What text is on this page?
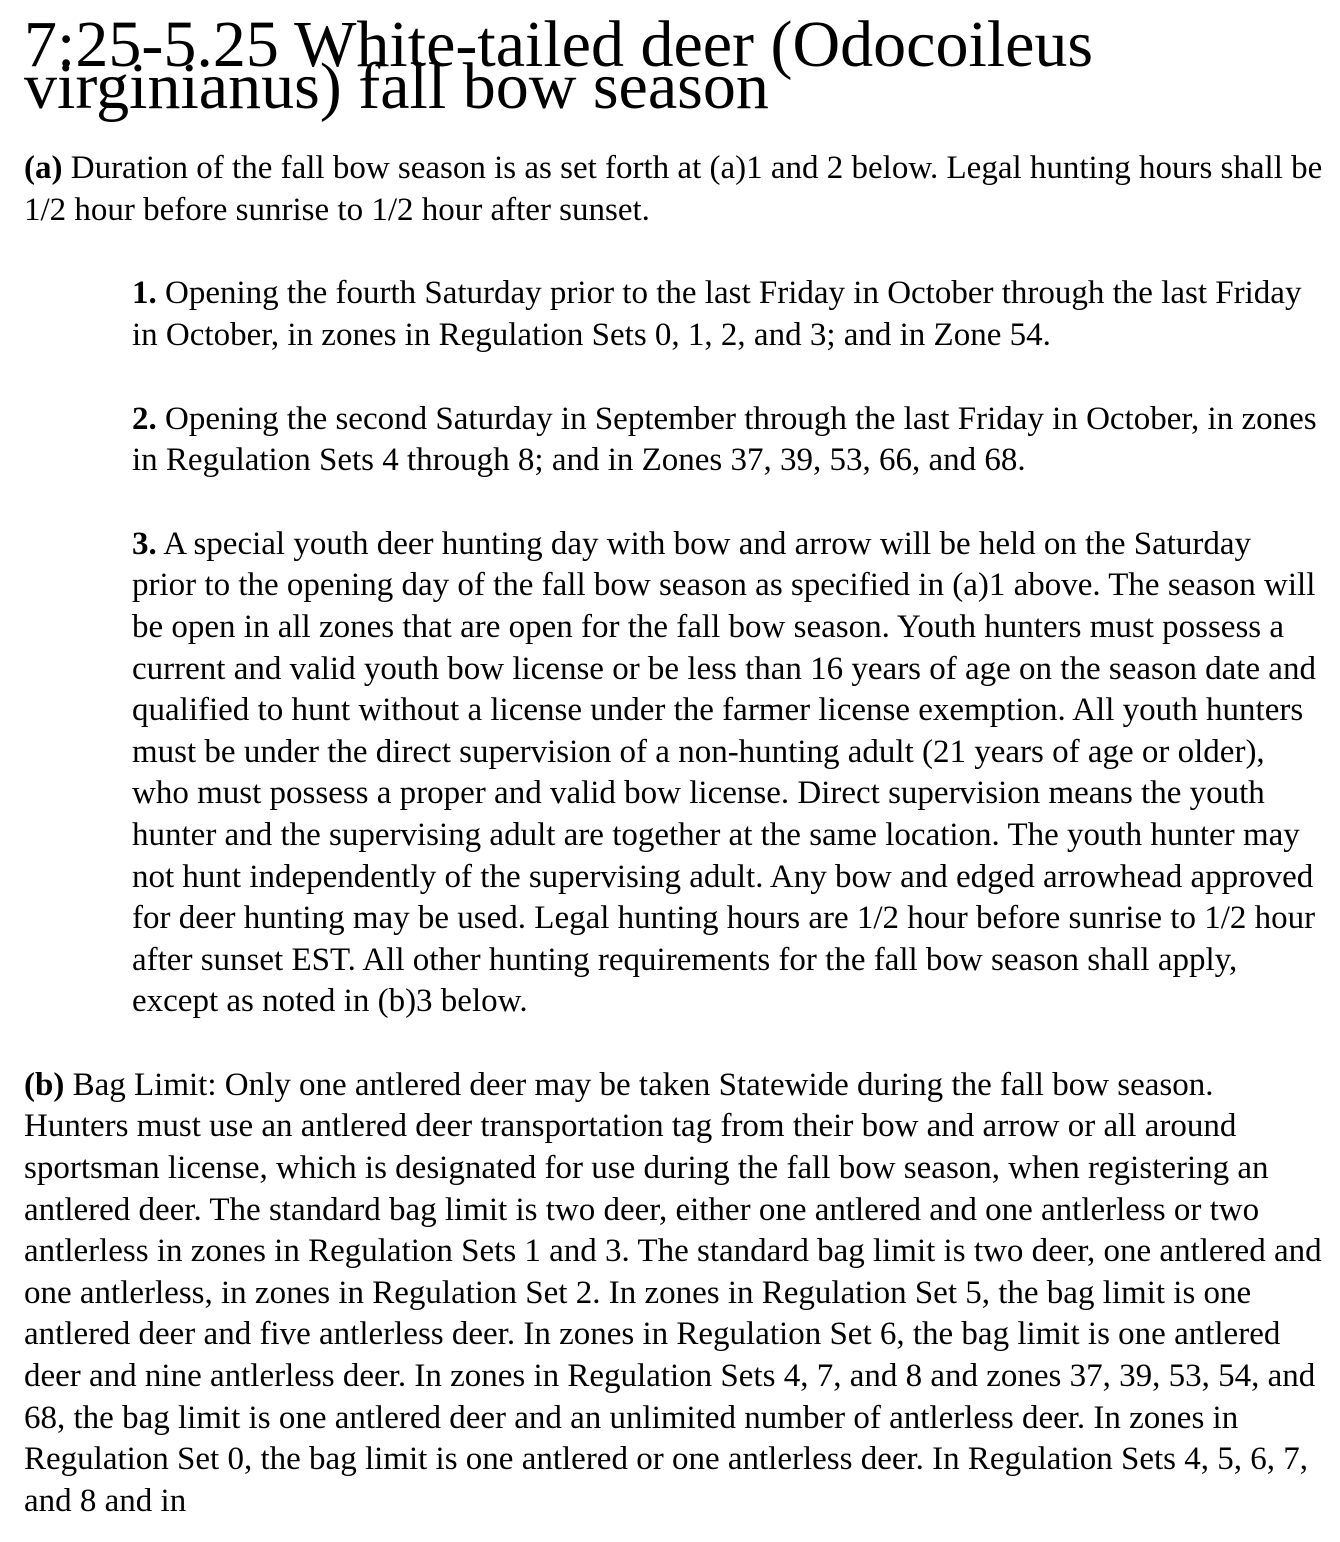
7:25-5.25 White-tailed deer (Odocoileus virginianus) fall bow season
(a) Duration of the fall bow season is as set forth at (a)1 and 2 below. Legal hunting hours shall be 1/2 hour before sunrise to 1/2 hour after sunset.
1. Opening the fourth Saturday prior to the last Friday in October through the last Friday in October, in zones in Regulation Sets 0, 1, 2, and 3; and in Zone 54.
2. Opening the second Saturday in September through the last Friday in October, in zones in Regulation Sets 4 through 8; and in Zones 37, 39, 53, 66, and 68.
3. A special youth deer hunting day with bow and arrow will be held on the Saturday prior to the opening day of the fall bow season as specified in (a)1 above. The season will be open in all zones that are open for the fall bow season. Youth hunters must possess a current and valid youth bow license or be less than 16 years of age on the season date and qualified to hunt without a license under the farmer license exemption. All youth hunters must be under the direct supervision of a non-hunting adult (21 years of age or older), who must possess a proper and valid bow license. Direct supervision means the youth hunter and the supervising adult are together at the same location. The youth hunter may not hunt independently of the supervising adult. Any bow and edged arrowhead approved for deer hunting may be used. Legal hunting hours are 1/2 hour before sunrise to 1/2 hour after sunset EST. All other hunting requirements for the fall bow season shall apply, except as noted in (b)3 below.
(b) Bag Limit: Only one antlered deer may be taken Statewide during the fall bow season. Hunters must use an antlered deer transportation tag from their bow and arrow or all around sportsman license, which is designated for use during the fall bow season, when registering an antlered deer. The standard bag limit is two deer, either one antlered and one antlerless or two antlerless in zones in Regulation Sets 1 and 3. The standard bag limit is two deer, one antlered and one antlerless, in zones in Regulation Set 2. In zones in Regulation Set 5, the bag limit is one antlered deer and five antlerless deer. In zones in Regulation Set 6, the bag limit is one antlered deer and nine antlerless deer. In zones in Regulation Sets 4, 7, and 8 and zones 37, 39, 53, 54, and 68, the bag limit is one antlered deer and an unlimited number of antlerless deer. In zones in Regulation Set 0, the bag limit is one antlered or one antlerless deer. In Regulation Sets 4, 5, 6, 7, and 8 and in
